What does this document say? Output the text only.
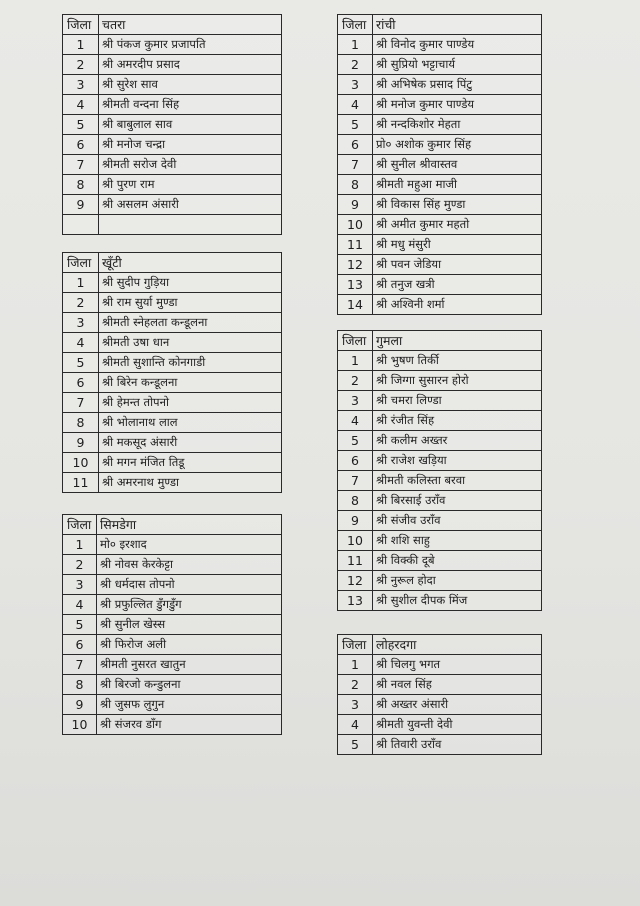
जिला	चतरा
1	श्री पंकज कुमार प्रजापति
2	श्री अमरदीप प्रसाद
3	श्री सुरेश साव
4	श्रीमती वन्दना सिंह
5	श्री बाबुलाल साव
6	श्री मनोज चन्द्रा
7	श्रीमती सरोज देवी
8	श्री पुरण राम
9	श्री असलम अंसारी

जिला	खूँटी
1	श्री सुदीप गुड़िया
2	श्री राम सुर्या मुण्डा
3	श्रीमती स्नेहलता कन्डूलना
4	श्रीमती उषा धान
5	श्रीमती सुशान्ति कोनगाडी
6	श्री बिरेन कन्डूलना
7	श्री हेमन्त तोपनो
8	श्री भोलानाथ लाल
9	श्री मकसूद अंसारी
10	श्री मगन मंजित तिडू
11	श्री अमरनाथ मुण्डा
जिला	सिमडेगा
1	मो० इरशाद
2	श्री नोवस केरकेट्टा
3	श्री धर्मदास तोपनो
4	श्री प्रफुल्लित डुँगडुँग
5	श्री सुनील खेस्स
6	श्री फिरोज अली
7	श्रीमती नुसरत खातुन
8	श्री बिरजो कन्डुलना
9	श्री जुसफ लुगुन
10	श्री संजरव डाँग
जिला	रांची
1	श्री विनोद कुमार पाण्डेय
2	श्री सुप्रियो भट्टाचार्य
3	श्री अभिषेक प्रसाद पिंटु
4	श्री मनोज कुमार पाण्डेय
5	श्री नन्दकिशोर मेहता
6	प्रो० अशोक कुमार सिंह
7	श्री सुनील श्रीवास्तव
8	श्रीमती महुआ माजी
9	श्री विकास सिंह मुण्डा
10	श्री अमीत कुमार महतो
11	श्री मधु मंसुरी
12	श्री पवन जेडिया
13	श्री तनुज खत्री
14	श्री अश्विनी शर्मा
जिला	गुमला
1	श्री भुषण तिर्की
2	श्री जिग्गा सुसारन होरो
3	श्री चमरा लिण्डा
4	श्री रंजीत सिंह
5	श्री कलीम अख्तर
6	श्री राजेश खड़िया
7	श्रीमती कलिस्ता बरवा
8	श्री बिरसाई उराँव
9	श्री संजीव उराँव
10	श्री शशि साहु
11	श्री विक्की दूबे
12	श्री नुरूल होदा
13	श्री सुशील दीपक मिंज
जिला	लोहरदगा
1	श्री चिलगु भगत
2	श्री नवल सिंह
3	श्री अख्तर अंसारी
4	श्रीमती युवन्ती देवी
5	श्री तिवारी उराँव
